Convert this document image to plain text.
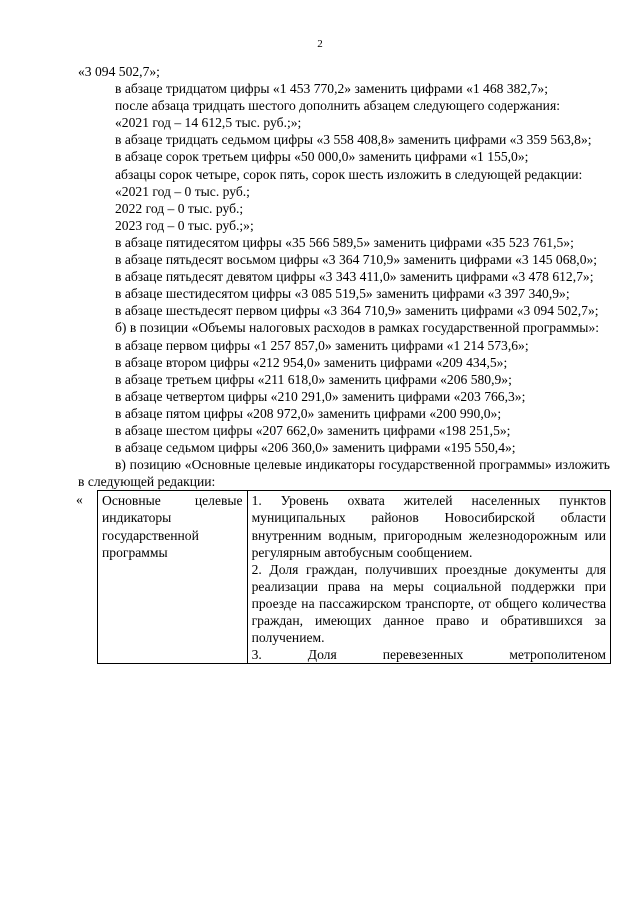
2

«3 094 502,7»;

в абзаце тридцатом цифры «1 453 770,2» заменить цифрами «1 468 382,7»;

после абзаца тридцать шестого дополнить абзацем следующего содержания:

«2021 год – 14 612,5 тыс. руб.;»;

в абзаце тридцать седьмом цифры «3 558 408,8» заменить цифрами «3 359 563,8»;

в абзаце сорок третьем цифры «50 000,0» заменить цифрами «1 155,0»;

абзацы сорок четыре, сорок пять, сорок шесть изложить в следующей редакции:

«2021 год – 0 тыс. руб.;

2022 год – 0 тыс. руб.;

2023 год – 0 тыс. руб.;»;

в абзаце пятидесятом цифры «35 566 589,5» заменить цифрами «35 523 761,5»;

в абзаце пятьдесят восьмом цифры «3 364 710,9» заменить цифрами «3 145 068,0»;

в абзаце пятьдесят девятом цифры «3 343 411,0» заменить цифрами «3 478 612,7»;

в абзаце шестидесятом цифры «3 085 519,5» заменить цифрами «3 397 340,9»;

в абзаце шестьдесят первом цифры «3 364 710,9» заменить цифрами «3 094 502,7»;

б) в позиции «Объемы налоговых расходов в рамках государственной программы»:

в абзаце первом цифры «1 257 857,0» заменить цифрами «1 214 573,6»;

в абзаце втором цифры «212 954,0» заменить цифрами «209 434,5»;

в абзаце третьем цифры «211 618,0» заменить цифрами «206 580,9»;

в абзаце четвертом цифры «210 291,0» заменить цифрами «203 766,3»;

в абзаце пятом цифры «208 972,0» заменить цифрами «200 990,0»;

в абзаце шестом цифры «207 662,0» заменить цифрами «198 251,5»;

в абзаце седьмом цифры «206 360,0» заменить цифрами «195 550,4»;

в) позицию «Основные целевые индикаторы государственной программы» изложить в следующей редакции:

« Основные целевые индикаторы государственной программы

1. Уровень охвата жителей населенных пунктов муниципальных районов Новосибирской области внутренним водным, пригородным железнодорожным или регулярным автобусным сообщением.

2. Доля граждан, получивших проездные документы для реализации права на меры социальной поддержки при проезде на пассажирском транспорте, от общего количества граждан, имеющих данное право и обратившихся за получением.

3. Доля перевезенных метрополитеном
